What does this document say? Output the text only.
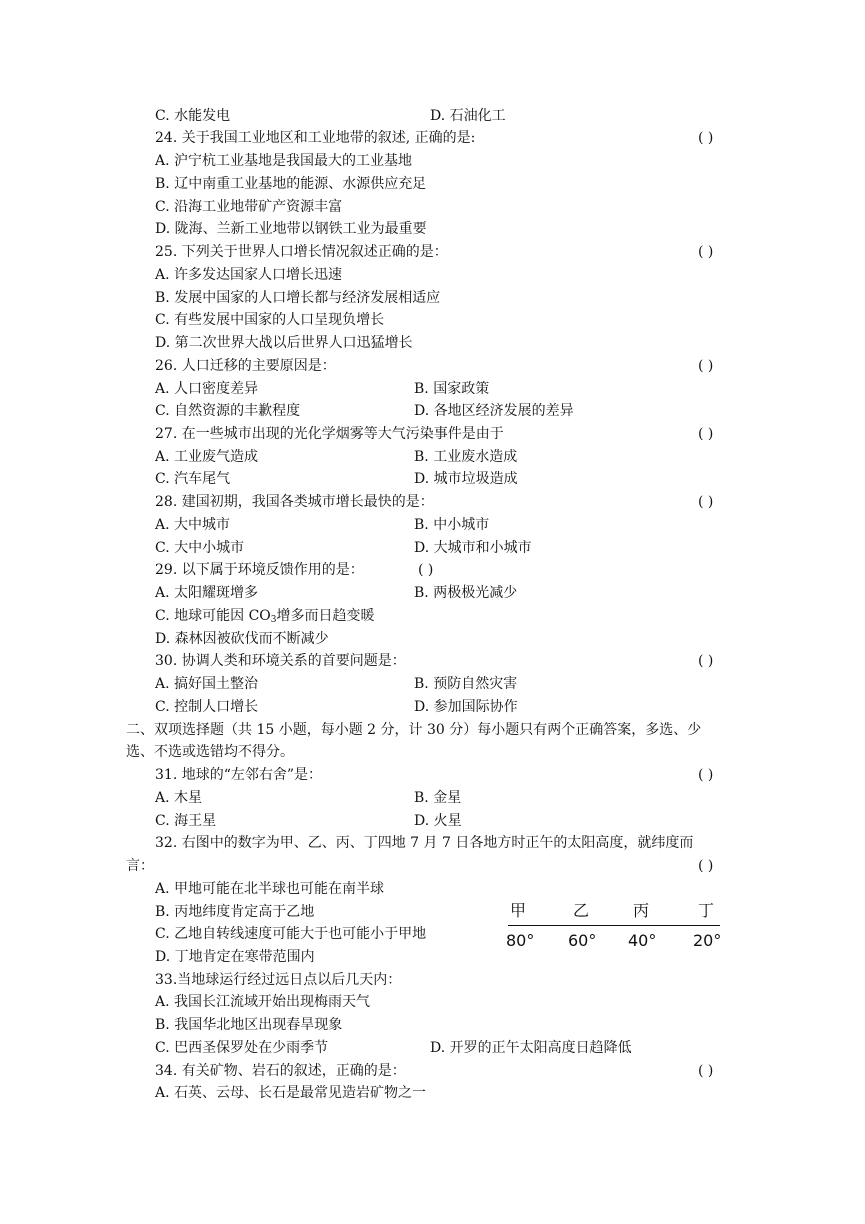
C. 水能发电	D. 石油化工
24. 关于我国工业地区和工业地带的叙述, 正确的是:	( )
A. 沪宁杭工业基地是我国最大的工业基地
B. 辽中南重工业基地的能源、水源供应充足
C. 沿海工业地带矿产资源丰富
D. 陇海、兰新工业地带以钢铁工业为最重要
25. 下列关于世界人口增长情况叙述正确的是：	( )
A. 许多发达国家人口增长迅速
B. 发展中国家的人口增长都与经济发展相适应
C. 有些发展中国家的人口呈现负增长
D. 第二次世界大战以后世界人口迅猛增长
26. 人口迁移的主要原因是：	( )
A. 人口密度差异	B. 国家政策
C. 自然资源的丰歉程度	D. 各地区经济发展的差异
27. 在一些城市出现的光化学烟雾等大气污染事件是由于	( )
A. 工业废气造成	B. 工业废水造成
C. 汽车尾气	D. 城市垃圾造成
28. 建国初期，我国各类城市增长最快的是：	( )
A. 大中城市	B. 中小城市
C. 大中小城市	D. 大城市和小城市
29. 以下属于环境反馈作用的是：	( )
A. 太阳耀斑增多	B. 两极极光减少
C. 地球可能因 $CO_3$增多而日趋变暖
D. 森林因被砍伐而不断减少
30. 协调人类和环境关系的首要问题是：	( )
A. 搞好国土整治	B. 预防自然灾害
C. 控制人口增长	D. 参加国际协作
二、双项选择题（共 15 小题，每小题 2 分，计 30 分）每小题只有两个正确答案，多选、少
选、不选或选错均不得分。
31. 地球的“左邻右舍”是：	( )
A. 木星	B. 金星
C. 海王星	D. 火星
32. 右图中的数字为甲、乙、丙、丁四地 7 月 7 日各地方时正午的太阳高度，就纬度而
言：	( )
A. 甲地可能在北半球也可能在南半球
B. 丙地纬度肯定高于乙地
C. 乙地自转线速度可能大于也可能小于甲地
D. 丁地肯定在寒带范围内
甲	乙	丙	丁
80° 60° 40° 20°
33.当地球运行经过远日点以后几天内：
A. 我国长江流域开始出现梅雨天气
B. 我国华北地区出现春旱现象
C. 巴西圣保罗处在少雨季节	D. 开罗的正午太阳高度日趋降低
34. 有关矿物、岩石的叙述，正确的是：	( )
A. 石英、云母、长石是最常见造岩矿物之一
